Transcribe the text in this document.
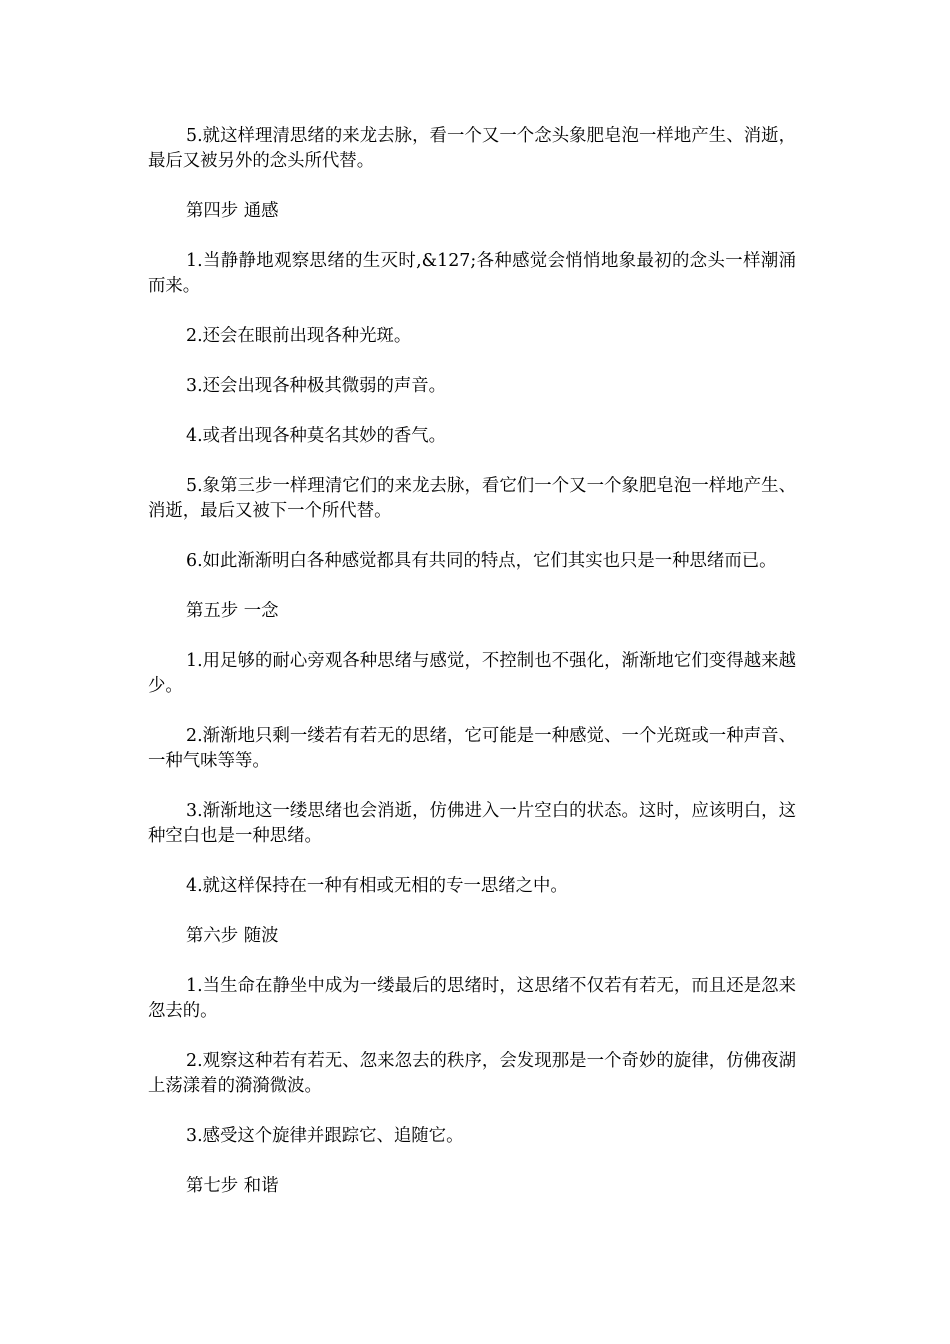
5.就这样理清思绪的来龙去脉，看一个又一个念头象肥皂泡一样地产生、消逝，最后又被另外的念头所代替。

第四步 通感

1.当静静地观察思绪的生灭时,&127;各种感觉会悄悄地象最初的念头一样潮涌而来。

2.还会在眼前出现各种光斑。

3.还会出现各种极其微弱的声音。

4.或者出现各种莫名其妙的香气。

5.象第三步一样理清它们的来龙去脉，看它们一个又一个象肥皂泡一样地产生、消逝，最后又被下一个所代替。

6.如此渐渐明白各种感觉都具有共同的特点，它们其实也只是一种思绪而已。

第五步 一念

1.用足够的耐心旁观各种思绪与感觉，不控制也不强化，渐渐地它们变得越来越少。

2.渐渐地只剩一缕若有若无的思绪，它可能是一种感觉、一个光斑或一种声音、一种气味等等。

3.渐渐地这一缕思绪也会消逝，仿佛进入一片空白的状态。这时，应该明白，这种空白也是一种思绪。

4.就这样保持在一种有相或无相的专一思绪之中。

第六步 随波

1.当生命在静坐中成为一缕最后的思绪时，这思绪不仅若有若无，而且还是忽来忽去的。

2.观察这种若有若无、忽来忽去的秩序，会发现那是一个奇妙的旋律，仿佛夜湖上荡漾着的漪漪微波。

3.感受这个旋律并跟踪它、追随它。

第七步 和谐
